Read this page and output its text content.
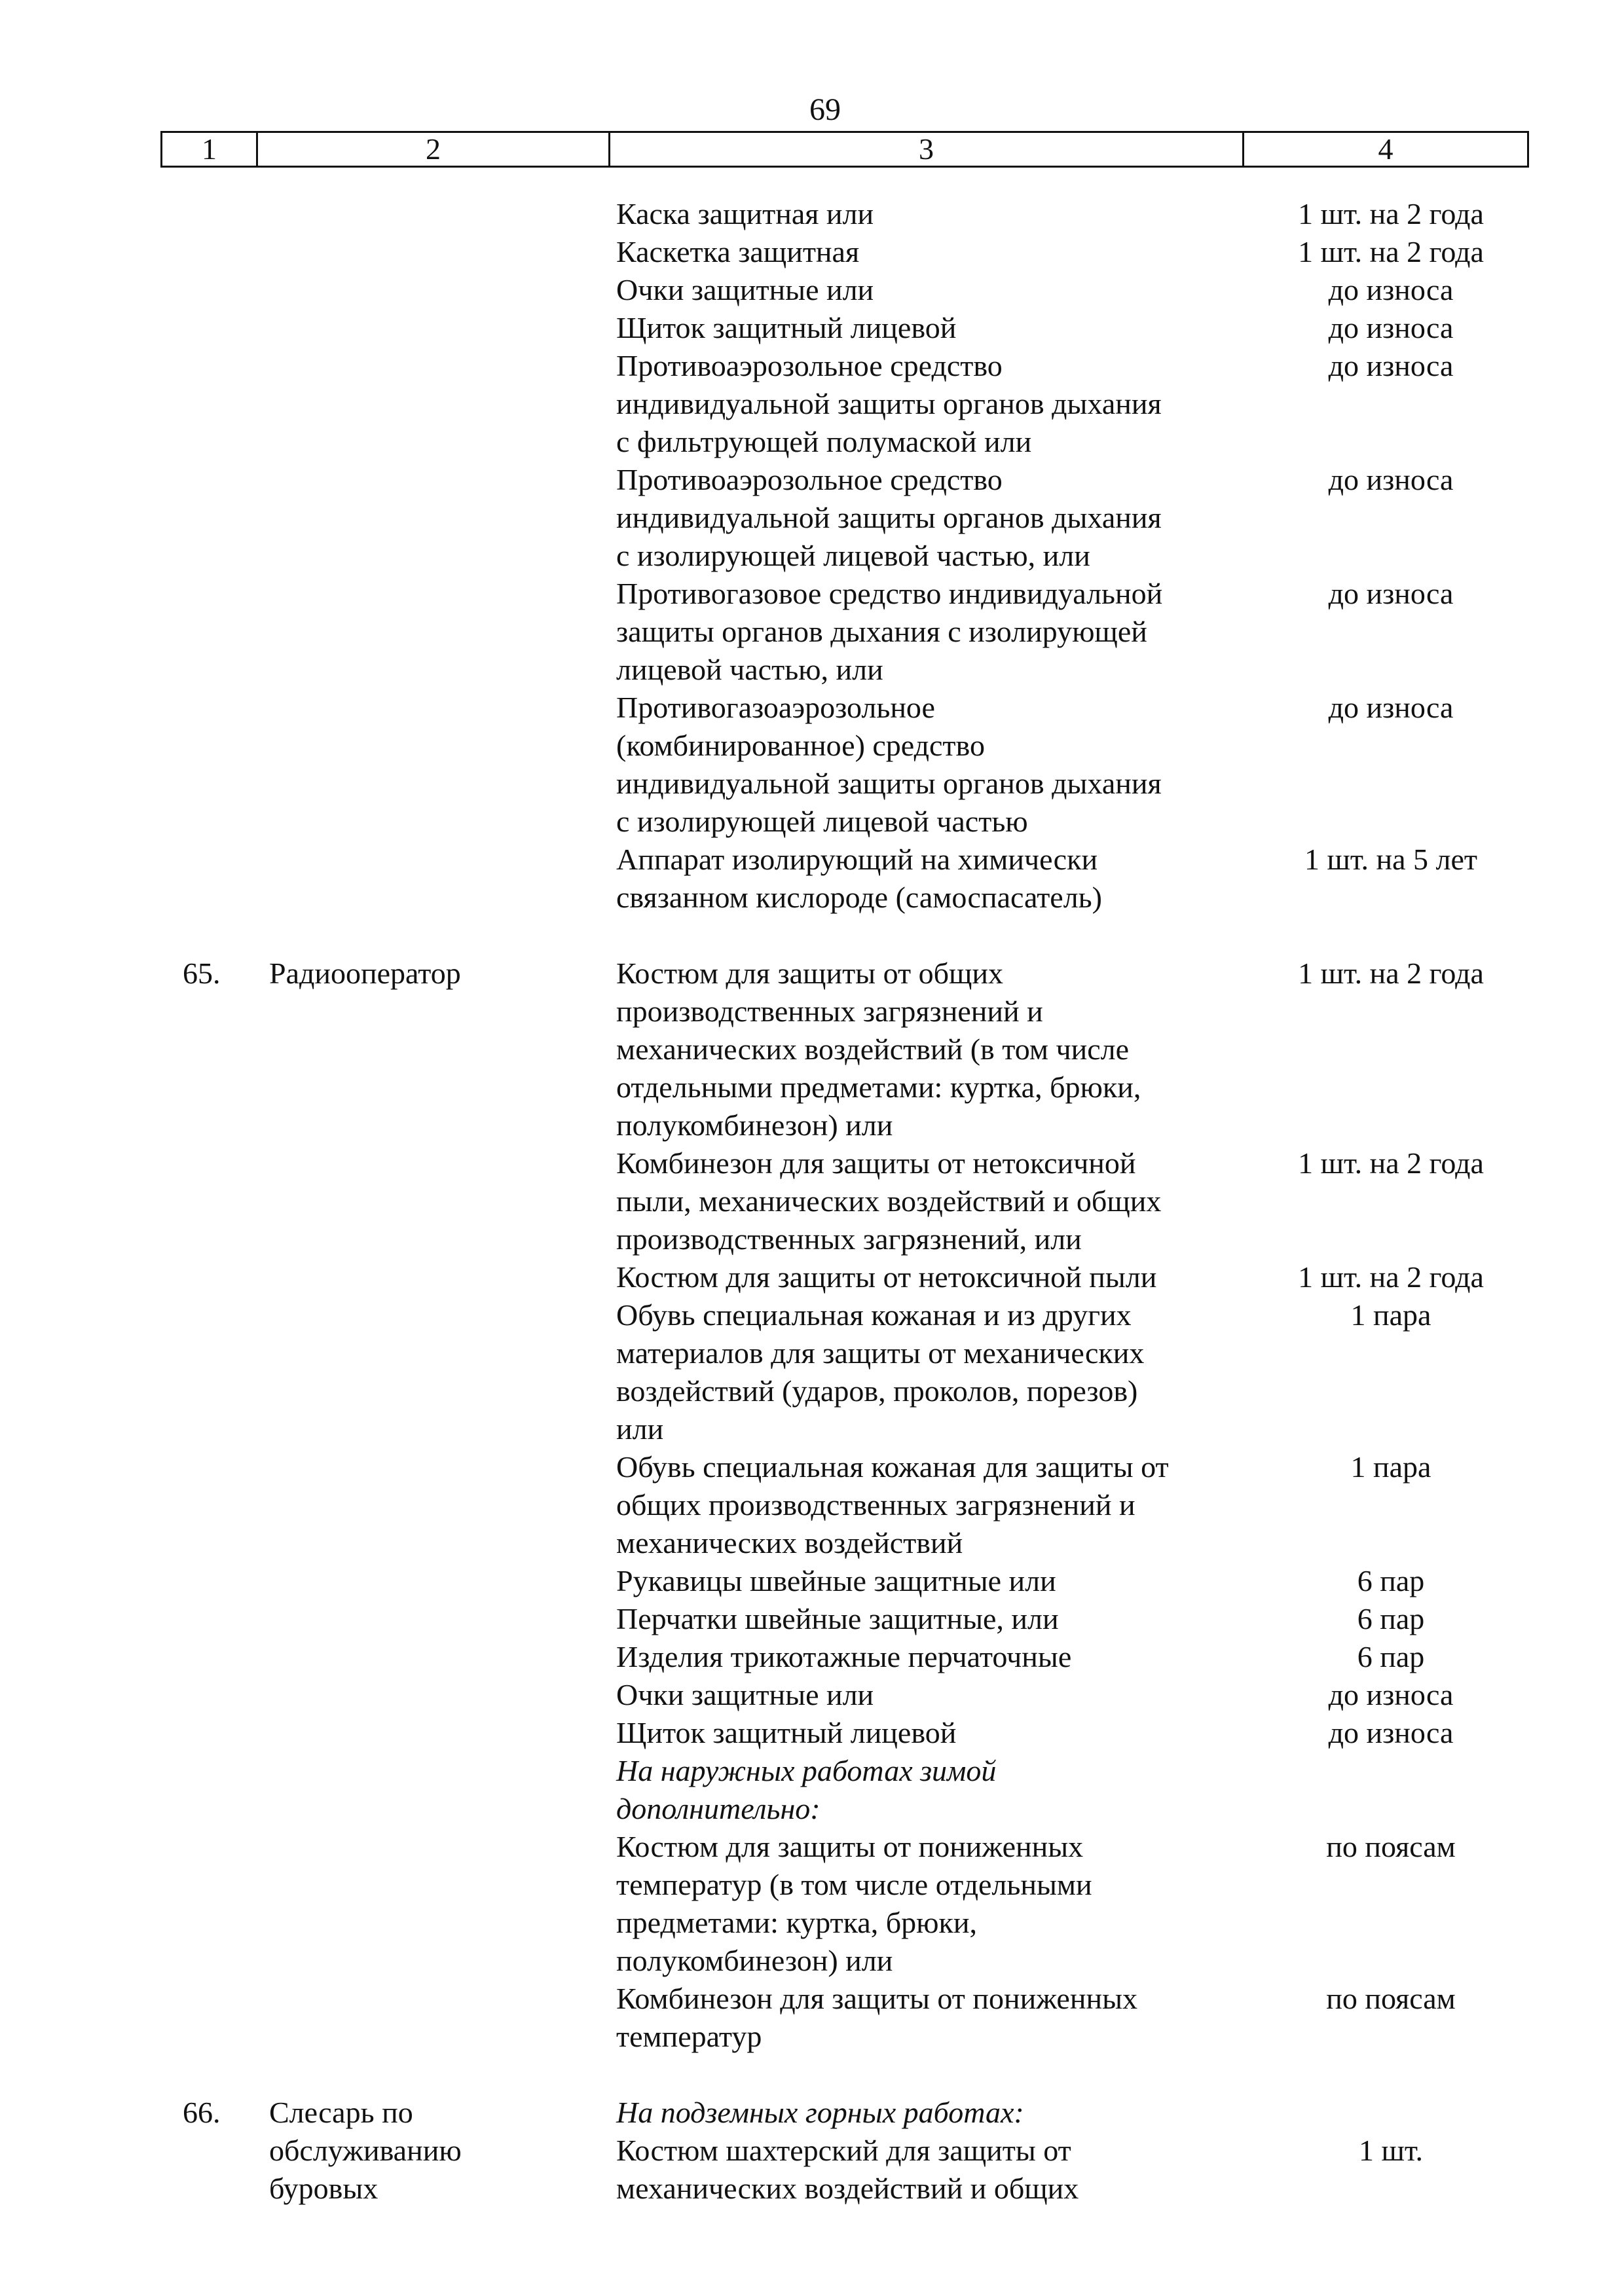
69
1	2	3	4
Каска защитная или	1 шт. на 2 года
Каскетка защитная	1 шт. на 2 года
Очки защитные или	до износа
Щиток защитный лицевой	до износа
Противоаэрозольное средство	до износа
индивидуальной защиты органов дыхания
с фильтрующей полумаской или
Противоаэрозольное средство	до износа
индивидуальной защиты органов дыхания
с изолирующей лицевой частью, или
Противогазовое средство индивидуальной	до износа
защиты органов дыхания с изолирующей
лицевой частью, или
Противогазоаэрозольное	до износа
(комбинированное) средство
индивидуальной защиты органов дыхания
с изолирующей лицевой частью
Аппарат изолирующий на химически	1 шт. на 5 лет
связанном кислороде (самоспасатель)
65.	Радиооператор	Костюм для защиты от общих	1 шт. на 2 года
производственных загрязнений и
механических воздействий (в том числе
отдельными предметами: куртка, брюки,
полукомбинезон) или
Комбинезон для защиты от нетоксичной	1 шт. на 2 года
пыли, механических воздействий и общих
производственных загрязнений, или
Костюм для защиты от нетоксичной пыли	1 шт. на 2 года
Обувь специальная кожаная и из других	1 пара
материалов для защиты от механических
воздействий (ударов, проколов, порезов)
или
Обувь специальная кожаная для защиты от	1 пара
общих производственных загрязнений и
механических воздействий
Рукавицы швейные защитные или	6 пар
Перчатки швейные защитные, или	6 пар
Изделия трикотажные перчаточные	6 пар
Очки защитные или	до износа
Щиток защитный лицевой	до износа
На наружных работах зимой
дополнительно:
Костюм для защиты от пониженных	по поясам
температур (в том числе отдельными
предметами: куртка, брюки,
полукомбинезон) или
Комбинезон для защиты от пониженных	по поясам
температур
66.	Слесарь по	На подземных горных работах:
обслуживанию	Костюм шахтерский для защиты от	1 шт.
буровых	механических воздействий и общих
